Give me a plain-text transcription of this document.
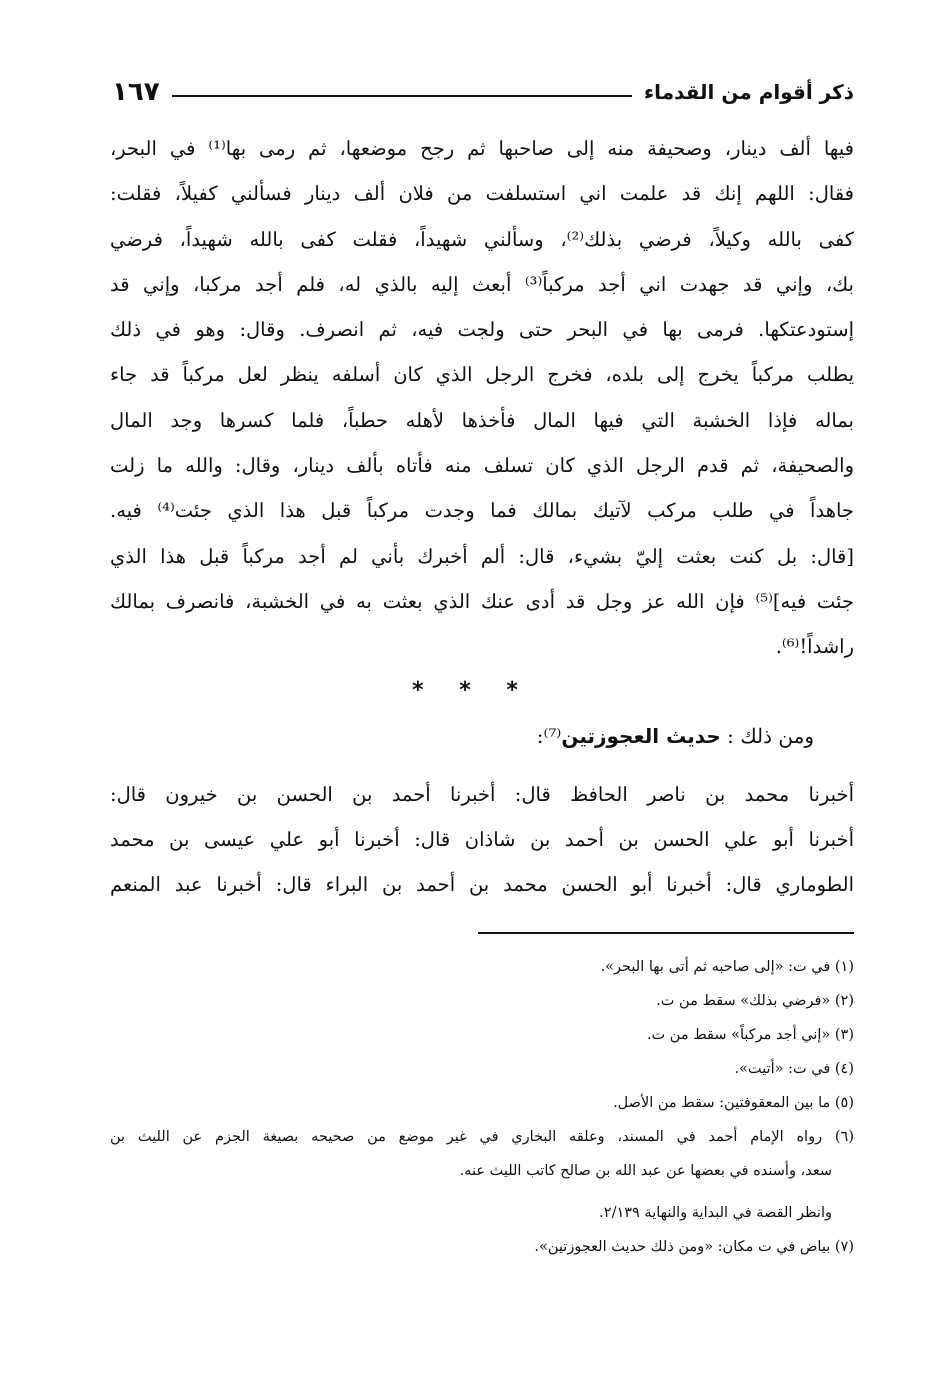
ذكر أقوام من القدماء
١٦٧
فيها ألف دينار، وصحيفة منه إلى صاحبها ثم رجح موضعها، ثم رمى بها⁽¹⁾ في البحر،
فقال: اللهم إنك قد علمت اني استسلفت من فلان ألف دينار فسألني كفيلاً، فقلت:
كفى بالله وكيلاً، فرضي بذلك⁽²⁾، وسألني شهيداً، فقلت كفى بالله شهيداً، فرضي
بك، وإني قد جهدت اني أجد مركباً⁽³⁾ أبعث إليه بالذي له، فلم أجد مركبا، وإني قد
إستودعتكها. فرمى بها في البحر حتى ولجت فيه، ثم انصرف. وقال: وهو في ذلك
يطلب مركباً يخرج إلى بلده، فخرج الرجل الذي كان أسلفه ينظر لعل مركباً قد جاء
بماله فإذا الخشبة التي فيها المال فأخذها لأهله حطباً، فلما كسرها وجد المال
والصحيفة، ثم قدم الرجل الذي كان تسلف منه فأتاه بألف دينار، وقال: والله ما زلت
جاهداً في طلب مركب لآتيك بمالك فما وجدت مركباً قبل هذا الذي جئت⁽⁴⁾ فيه.
[قال: بل كنت بعثت إليّ بشيء، قال: ألم أخبرك بأني لم أجد مركباً قبل هذا الذي
جئت فيه]⁽⁵⁾ فإن الله عز وجل قد أدى عنك الذي بعثت به في الخشبة، فانصرف بمالك
راشداً!⁽⁶⁾.
* * *
ومن ذلك : حديث العجوزتين⁽⁷⁾:
أخبرنا محمد بن ناصر الحافظ قال: أخبرنا أحمد بن الحسن بن خيرون قال:
أخبرنا أبو علي الحسن بن أحمد بن شاذان قال: أخبرنا أبو علي عيسى بن محمد
الطوماري قال: أخبرنا أبو الحسن محمد بن أحمد بن البراء قال: أخبرنا عبد المنعم
(١) في ت: «إلى صاحبه ثم أتى بها البحر».
(٢) «فرضي بذلك» سقط من ت.
(٣) «إني أجد مركباً» سقط من ت.
(٤) في ت: «أتيت».
(٥) ما بين المعقوفتين: سقط من الأصل.
(٦) رواه الإمام أحمد في المسند، وعلقه البخاري في غير موضع من صحيحه بصيغة الجزم عن الليث بن
سعد، وأسنده في بعضها عن عبد الله بن صالح كاتب الليث عنه.
وانظر القصة في البداية والنهاية ٢/١٣٩.
(٧) بياض في ت مكان: «ومن ذلك حديث العجوزتين».
